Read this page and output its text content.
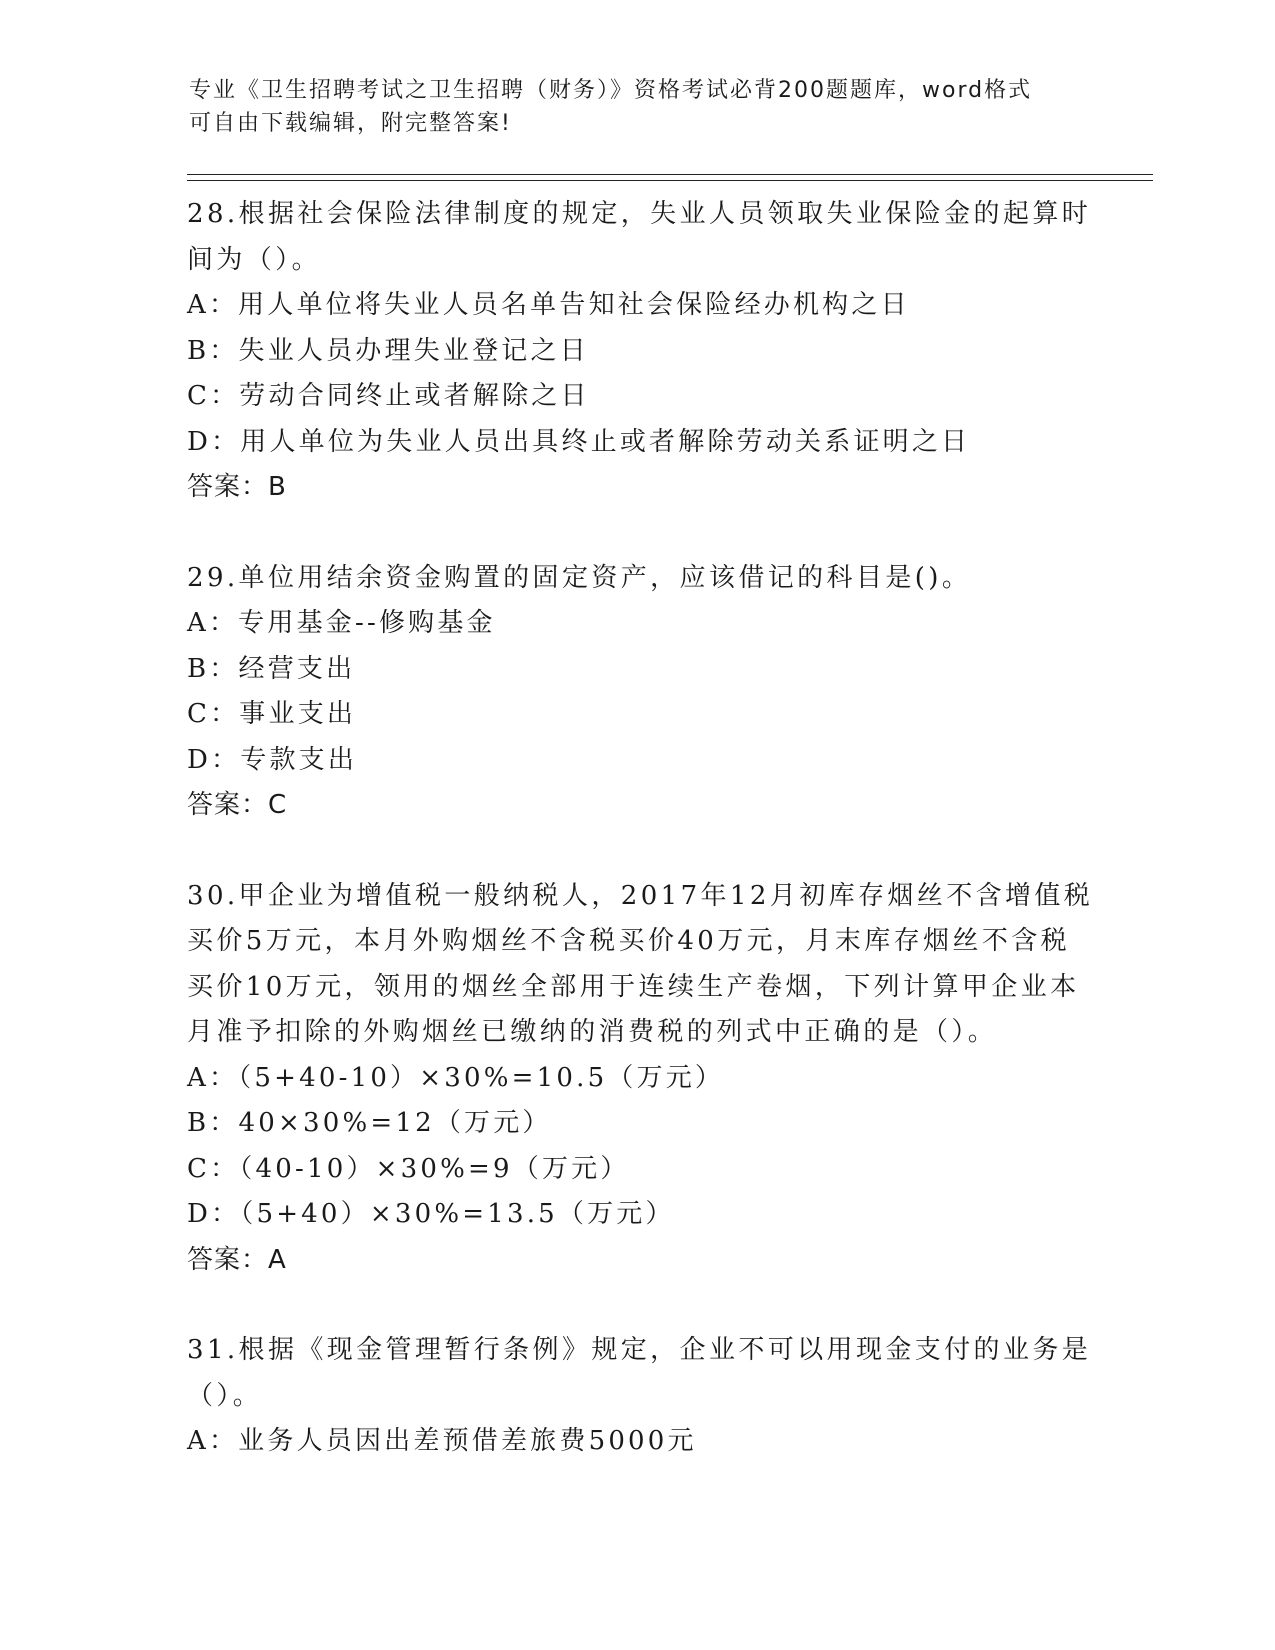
专业《卫生招聘考试之卫生招聘（财务）》资格考试必背200题题库，word格式
可自由下载编辑，附完整答案!
28.根据社会保险法律制度的规定，失业人员领取失业保险金的起算时
间为（）。
A：用人单位将失业人员名单告知社会保险经办机构之日
B：失业人员办理失业登记之日
C：劳动合同终止或者解除之日
D：用人单位为失业人员出具终止或者解除劳动关系证明之日
答案：B
29.单位用结余资金购置的固定资产，应该借记的科目是()。
A：专用基金--修购基金
B：经营支出
C：事业支出
D：专款支出
答案：C
30.甲企业为增值税一般纳税人，2017年12月初库存烟丝不含增值税
买价5万元，本月外购烟丝不含税买价40万元，月末库存烟丝不含税
买价10万元，领用的烟丝全部用于连续生产卷烟，下列计算甲企业本
月准予扣除的外购烟丝已缴纳的消费税的列式中正确的是（）。
A：（5+40-10）×30%=10.5（万元）
B：40×30%=12（万元）
C：（40-10）×30%=9（万元）
D：（5+40）×30%=13.5（万元）
答案：A
31.根据《现金管理暂行条例》规定，企业不可以用现金支付的业务是
（）。
A：业务人员因出差预借差旅费5000元
